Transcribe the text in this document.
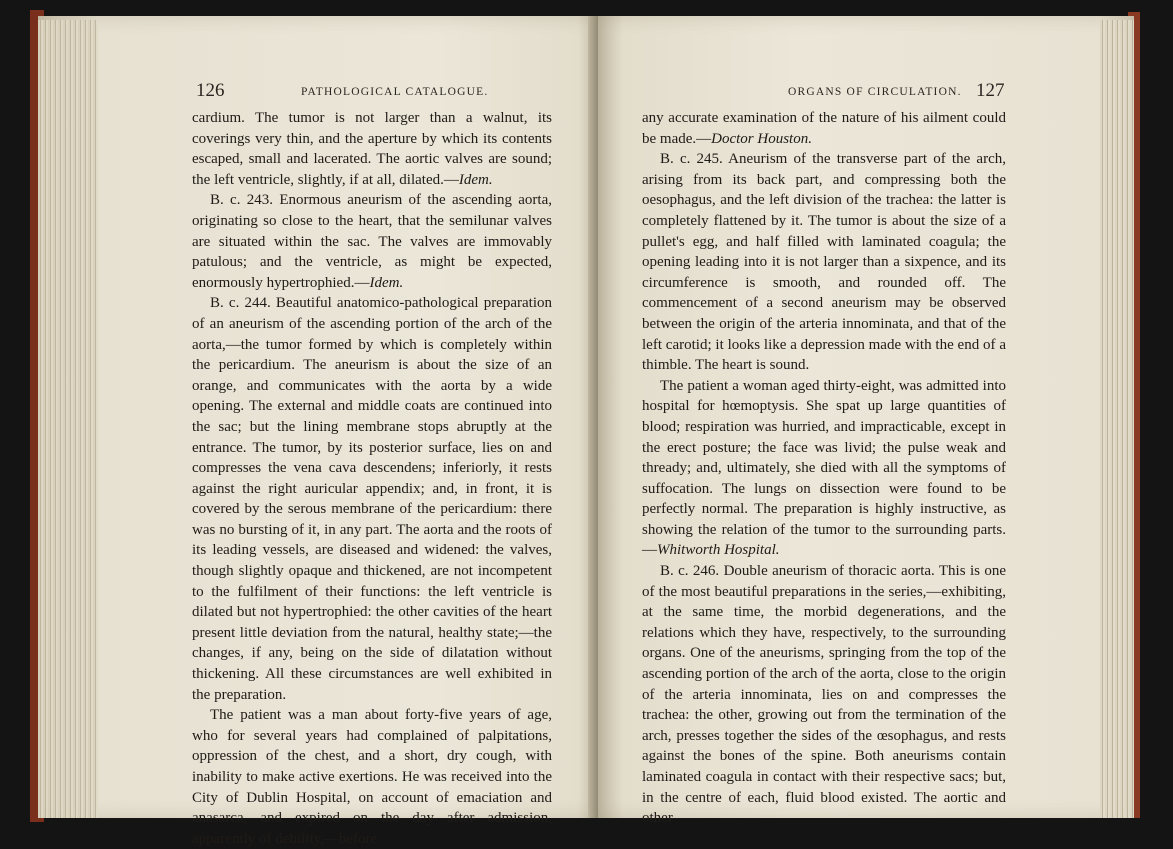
126	PATHOLOGICAL CATALOGUE.

cardium. The tumor is not larger than a walnut, its coverings very thin, and the aperture by which its contents escaped, small and lacerated. The aortic valves are sound; the left ventricle, slightly, if at all, dilated.—Idem.

B. c. 243. Enormous aneurism of the ascending aorta, originating so close to the heart, that the semilunar valves are situated within the sac. The valves are immovably patulous; and the ventricle, as might be expected, enormously hypertrophied.—Idem.

B. c. 244. Beautiful anatomico-pathological preparation of an aneurism of the ascending portion of the arch of the aorta,—the tumor formed by which is completely within the pericardium. The aneurism is about the size of an orange, and communicates with the aorta by a wide opening. The external and middle coats are continued into the sac; but the lining membrane stops abruptly at the entrance. The tumor, by its posterior surface, lies on and compresses the vena cava descendens; inferiorly, it rests against the right auricular appendix; and, in front, it is covered by the serous membrane of the pericardium: there was no bursting of it, in any part. The aorta and the roots of its leading vessels, are diseased and widened: the valves, though slightly opaque and thickened, are not incompetent to the fulfilment of their functions: the left ventricle is dilated but not hypertrophied: the other cavities of the heart present little deviation from the natural, healthy state;—the changes, if any, being on the side of dilatation without thickening. All these circumstances are well exhibited in the preparation.

The patient was a man about forty-five years of age, who for several years had complained of palpitations, oppression of the chest, and a short, dry cough, with inability to make active exertions. He was received into the City of Dublin Hospital, on account of emaciation and anasarca, and expired on the day after admission, apparently of debility,—before

ORGANS OF CIRCULATION. 127

any accurate examination of the nature of his ailment could be made.—Doctor Houston.

B. c. 245. Aneurism of the transverse part of the arch, arising from its back part, and compressing both the oesophagus, and the left division of the trachea: the latter is completely flattened by it. The tumor is about the size of a pullet's egg, and half filled with laminated coagula; the opening leading into it is not larger than a sixpence, and its circumference is smooth, and rounded off. The commencement of a second aneurism may be observed between the origin of the arteria innominata, and that of the left carotid; it looks like a depression made with the end of a thimble. The heart is sound.

The patient a woman aged thirty-eight, was admitted into hospital for hœmoptysis. She spat up large quantities of blood; respiration was hurried, and impracticable, except in the erect posture; the face was livid; the pulse weak and thready; and, ultimately, she died with all the symptoms of suffocation. The lungs on dissection were found to be perfectly normal. The preparation is highly instructive, as showing the relation of the tumor to the surrounding parts.—Whitworth Hospital.

B. c. 246. Double aneurism of thoracic aorta. This is one of the most beautiful preparations in the series,—exhibiting, at the same time, the morbid degenerations, and the relations which they have, respectively, to the surrounding organs. One of the aneurisms, springing from the top of the ascending portion of the arch of the aorta, close to the origin of the arteria innominata, lies on and compresses the trachea: the other, growing out from the termination of the arch, presses together the sides of the œsophagus, and rests against the bones of the spine. Both aneurisms contain laminated coagula in contact with their respective sacs; but, in the centre of each, fluid blood existed. The aortic and other
